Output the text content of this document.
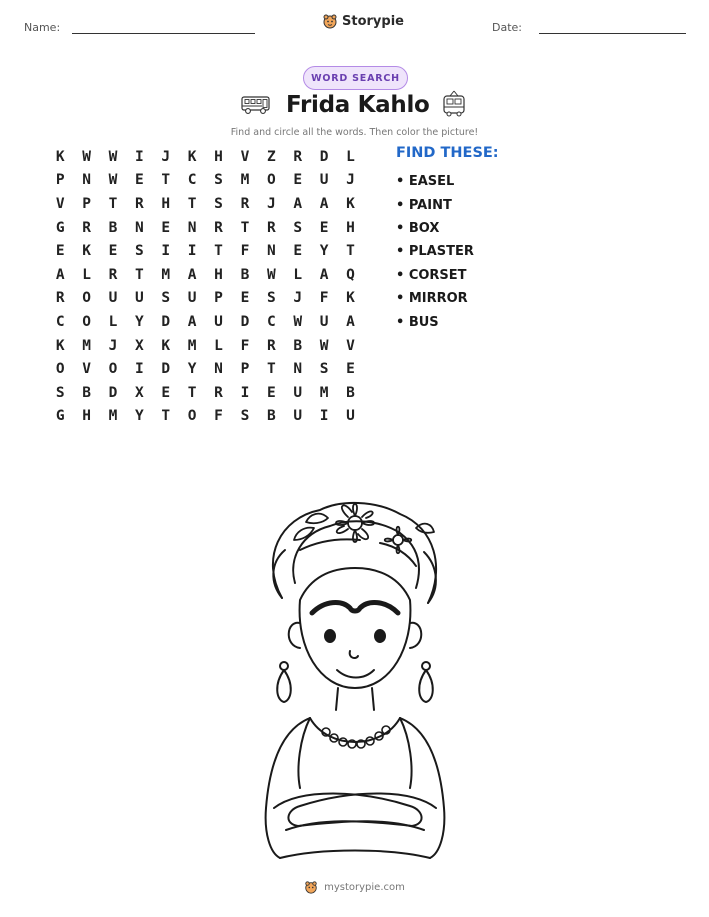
Name:	Storypie	Date:
WORD SEARCH
Frida Kahlo
Find and circle all the words. Then color the picture!
K	W	W	I	J	K	H	V	Z	R	D	L
P	N	W	E	T	C	S	M	O	E	U	J
V	P	T	R	H	T	S	R	J	A	A	K
G	R	B	N	E	N	R	T	R	S	E	H
E	K	E	S	I	I	T	F	N	E	Y	T
A	L	R	T	M	A	H	B	W	L	A	Q
R	O	U	U	S	U	P	E	S	J	F	K
C	O	L	Y	D	A	U	D	C	W	U	A
K	M	J	X	K	M	L	F	R	B	W	V
O	V	O	I	D	Y	N	P	T	N	S	E
S	B	D	X	E	T	R	I	E	U	M	B
G	H	M	Y	T	O	F	S	B	U	I	U
FIND THESE:
• EASEL
• PAINT
• BOX
• PLASTER
• CORSET
• MIRROR
• BUS
mystorypie.com
